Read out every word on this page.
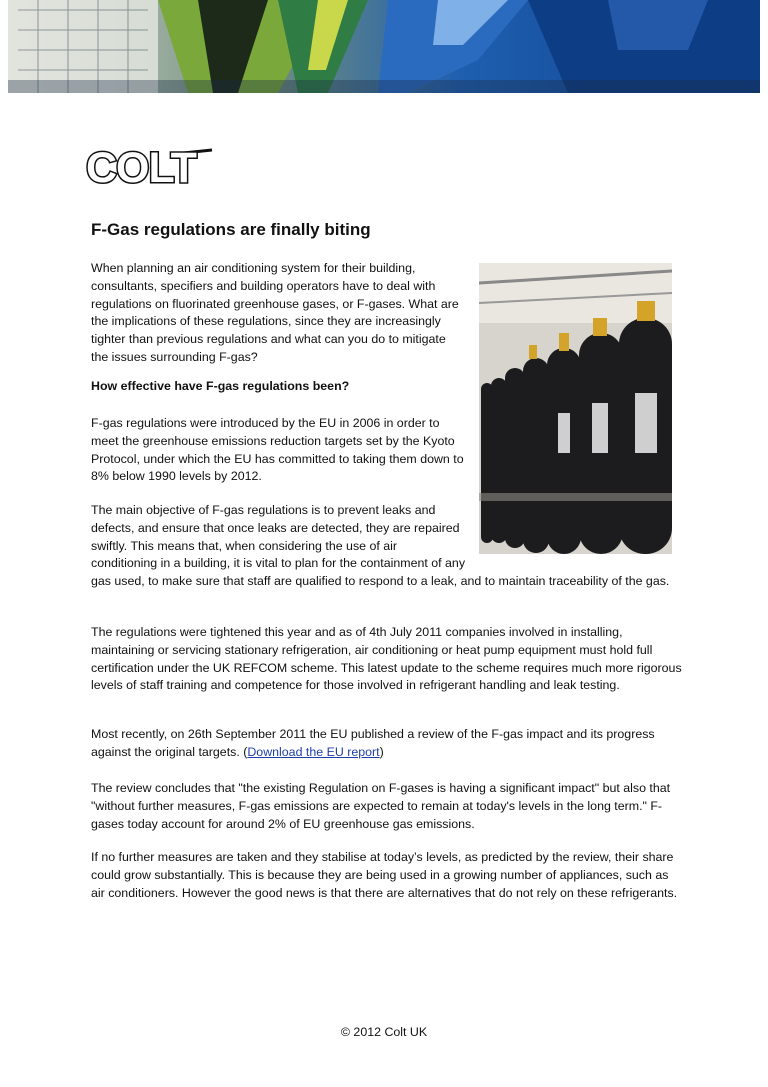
COLT

F-Gas regulations are finally biting

When planning an air conditioning system for their building, consultants, specifiers and building operators have to deal with regulations on fluorinated greenhouse gases, or F-gases. What are the implications of these regulations, since they are increasingly tighter than previous regulations and what can you do to mitigate the issues surrounding F-gas?

How effective have F-gas regulations been?

F-gas regulations were introduced by the EU in 2006 in order to meet the greenhouse emissions reduction targets set by the Kyoto Protocol, under which the EU has committed to taking them down to 8% below 1990 levels by 2012.

The main objective of F-gas regulations is to prevent leaks and defects, and ensure that once leaks are detected, they are repaired swiftly. This means that, when considering the use of air conditioning in a building, it is vital to plan for the containment of any
gas used, to make sure that staff are qualified to respond to a leak, and to maintain traceability of the gas.

The regulations were tightened this year and as of 4th July 2011 companies involved in installing, maintaining or servicing stationary refrigeration, air conditioning or heat pump equipment must hold full certification under the UK REFCOM scheme. This latest update to the scheme requires much more rigorous levels of staff training and competence for those involved in refrigerant handling and leak testing.

Most recently, on 26th September 2011 the EU published a review of the F-gas impact and its progress against the original targets. (Download the EU report)

The review concludes that "the existing Regulation on F-gases is having a significant impact" but also that "without further measures, F-gas emissions are expected to remain at today's levels in the long term." F-gases today account for around 2% of EU greenhouse gas emissions.

If no further measures are taken and they stabilise at today’s levels, as predicted by the review, their share could grow substantially. This is because they are being used in a growing number of appliances, such as air conditioners. However the good news is that there are alternatives that do not rely on these refrigerants.

© 2012 Colt UK
